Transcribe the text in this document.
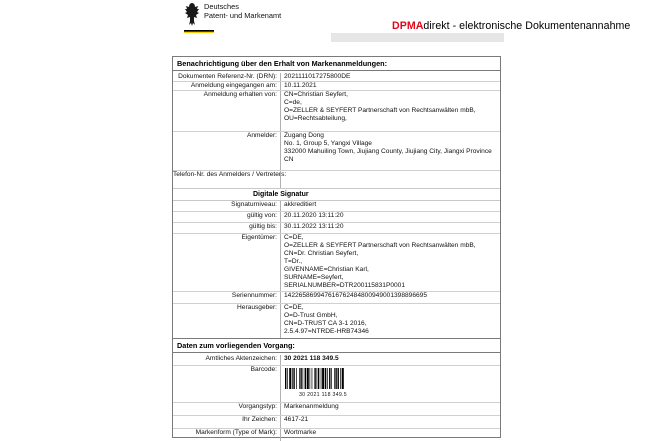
Deutsches
Patent- und Markenamt
DPMAdirekt - elektronische Dokumentenannahme
Benachrichtigung über den Erhalt von Markenanmeldungen:
Dokumenten Referenz-Nr. (DRN):	2021111017275800DE
Anmeldung eingegangen am:	10.11.2021
Anmeldung erhalten von:	CN=Christian Seyfert,
C=de,
O=ZELLER & SEYFERT Partnerschaft von Rechtsanwälten mbB,
OU=Rechtsabteilung,
Anmelder:	Zugang Dong
No. 1, Group 5, Yangxi Village
332000 Mahuiling Town, Jiujiang County, Jiujiang City, Jiangxi Province
CN
Telefon-Nr. des Anmelders / Vertreters:
Digitale Signatur
Signaturniveau:	akkreditiert
gültig von:	20.11.2020 13:11:20
gültig bis:	30.11.2022 13:11:20
Eigentümer:	C=DE,
O=ZELLER & SEYFERT Partnerschaft von Rechtsanwälten mbB,
CN=Dr. Christian Seyfert,
T=Dr.,
GIVENNAME=Christian Karl,
SURNAME=Seyfert,
SERIALNUMBER=DTR200115831P0001
Seriennummer:	142265869947616762484800949001398896695
Herausgeber:	C=DE,
O=D-Trust GmbH,
CN=D-TRUST CA 3-1 2016,
2.5.4.97=NTRDE-HRB74346
Daten zum vorliegenden Vorgang:
Amtliches Aktenzeichen:	30 2021 118 349.5
Barcode:
30 2021 118 349.5
Vorgangstyp:	Markenanmeldung
Ihr Zeichen:	4617-21
Markenform (Type of Mark):	Wortmarke
